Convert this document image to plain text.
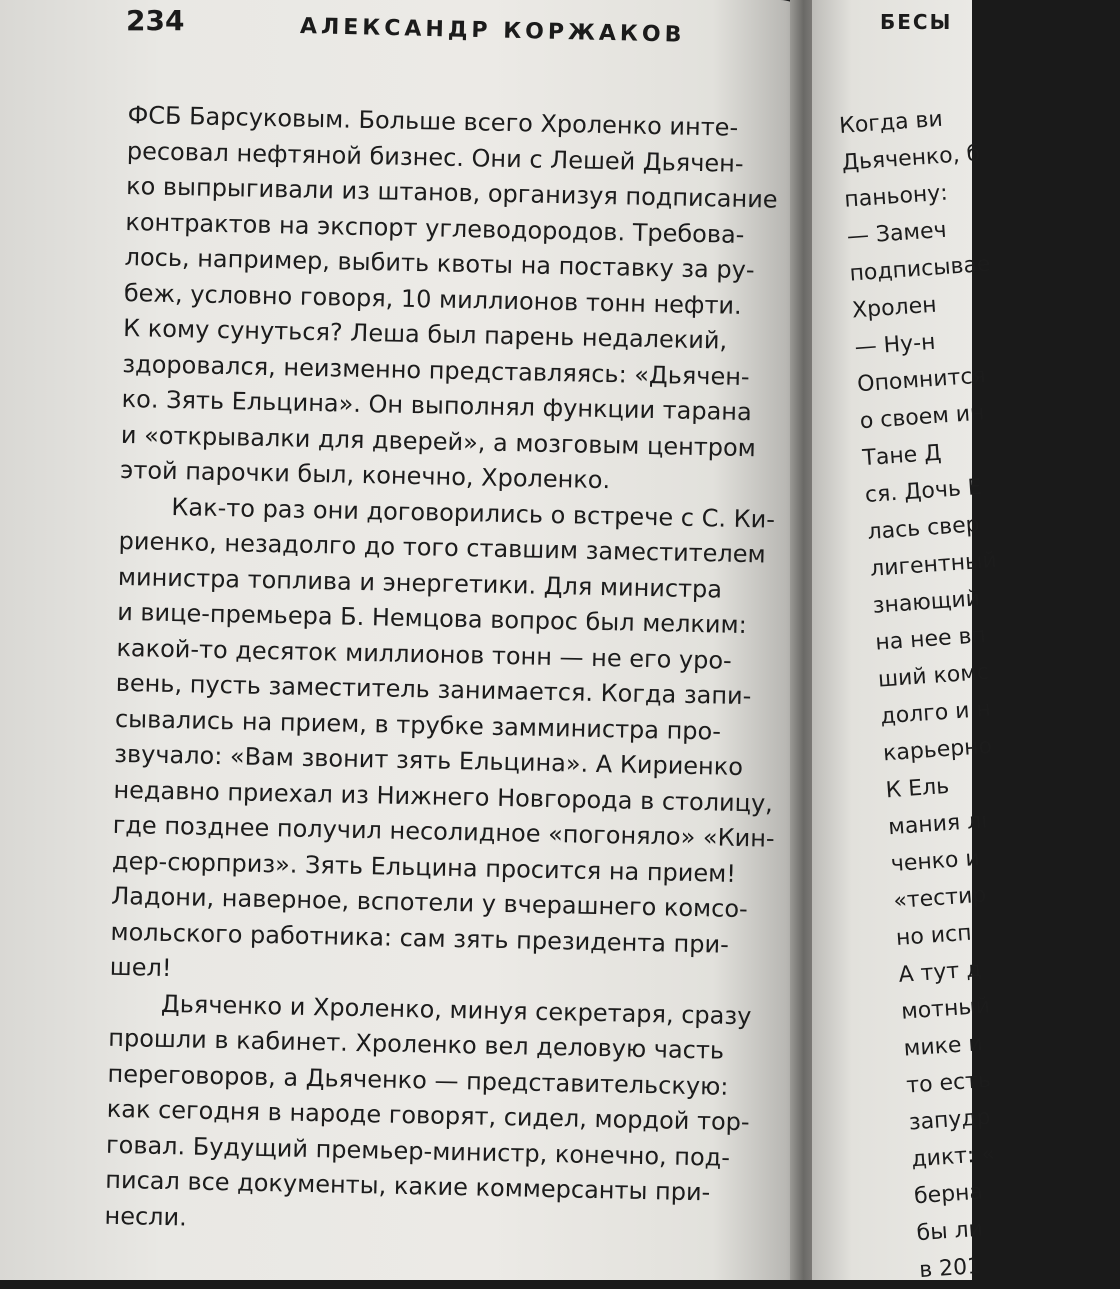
234	АЛЕКСАНДР КОРЖАКОВ
ФСБ Барсуковым. Больше всего Хроленко инте-
ресовал нефтяной бизнес. Они с Лешей Дьячен-
ко выпрыгивали из штанов, организуя подписание
контрактов на экспорт углеводородов. Требова-
лось, например, выбить квоты на поставку за ру-
беж, условно говоря, 10 миллионов тонн нефти.
К кому сунуться? Леша был парень недалекий,
здоровался, неизменно представляясь: «Дьячен-
ко. Зять Ельцина». Он выполнял функции тарана
и «открывалки для дверей», а мозговым центром
этой парочки был, конечно, Хроленко.
Как-то раз они договорились о встрече с С. Ки-
риенко, незадолго до того ставшим заместителем
министра топлива и энергетики. Для министра
и вице-премьера Б. Немцова вопрос был мелким:
какой-то десяток миллионов тонн — не его уро-
вень, пусть заместитель занимается. Когда запи-
сывались на прием, в трубке замминистра про-
звучало: «Вам звонит зять Ельцина». А Кириенко
недавно приехал из Нижнего Новгорода в столицу,
где позднее получил несолидное «погоняло» «Кин-
дер-сюрприз». Зять Ельцина просится на прием!
Ладони, наверное, вспотели у вчерашнего комсо-
мольского работника: сам зять президента при-
шел!
Дьяченко и Хроленко, минуя секретаря, сразу
прошли в кабинет. Хроленко вел деловую часть
переговоров, а Дьяченко — представительскую:
как сегодня в народе говорят, сидел, мордой тор-
говал. Будущий премьер-министр, конечно, под-
писал все документы, какие коммерсанты при-
несли.
БЕСЫ
Когда ви
Дьяченко, б
паньону:
— Замеч
подписывае
Хролен
— Ну-н
Опомнится
о своем ин
Тане Д
ся. Дочь Е
лась свер
лигентный
знающий
на нее вп
ший комс
долго и н
карьерно
К Ель
мания лı
ченко и
«тестир
но исп
А тут д
мотный
мике и
то есть
запудр
дикт: «
берна
бы ли
в 201
